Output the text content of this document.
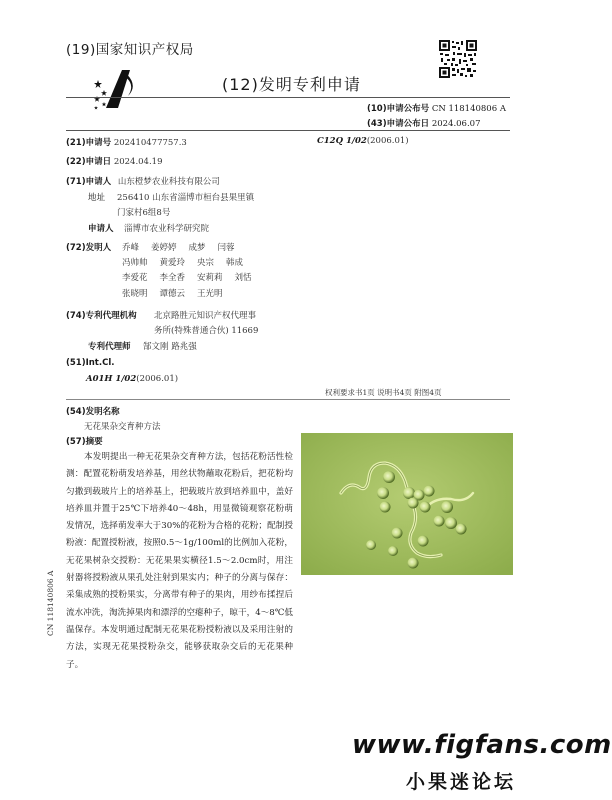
(19)国家知识产权局
(12)发明专利申请
(10)申请公布号 CN 118140806 A
(43)申请公布日 2024.06.07
(21)申请号 202410477757.3
(22)申请日 2024.04.19
(71)申请人 山东橙梦农业科技有限公司
地址 256410 山东省淄博市桓台县果里镇
门家村6组8号
申请人 淄博市农业科学研究院
(72)发明人 乔峰 姜婷婷 成梦 闫蓉
冯帅帅 黄爱玲 央宗 韩成
李爱花 李全香 安莉莉 刘恬
张晓明 谭德云 王光明
(74)专利代理机构 北京路胜元知识产权代理事
务所(特殊普通合伙) 11669
专利代理师 郜文刚 路兆强
(51)Int.Cl.
A01H 1/02(2006.01)
C12Q 1/02(2006.01)
权利要求书1页 说明书4页 附图4页
(54)发明名称
无花果杂交育种方法
(57)摘要
本发明提出一种无花果杂交育种方法，包括花粉活性检测：配置花粉萌发培养基，用丝状物蘸取花粉后，把花粉均匀撒到载玻片上的培养基上，把载玻片放到培养皿中，盖好培养皿并置于25℃下培养40～48h，用显微镜观察花粉萌发情况，选择萌发率大于30%的花粉为合格的花粉；配制授粉液：配置授粉液，按照0.5～1g/100ml的比例加入花粉，无花果树杂交授粉：无花果果实横径1.5～2.0cm时，用注射器将授粉液从果孔处注射到果实内；种子的分离与保存：采集成熟的授粉果实，分离带有种子的果肉，用纱布揉捏后流水冲洗，淘洗掉果肉和漂浮的空瘪种子，晾干，4～8℃低温保存。本发明通过配制无花果花粉授粉液以及采用注射的方法，实现无花果授粉杂交，能够获取杂交后的无花果种子。
CN 118140806 A
www.figfans.com
小果迷论坛
